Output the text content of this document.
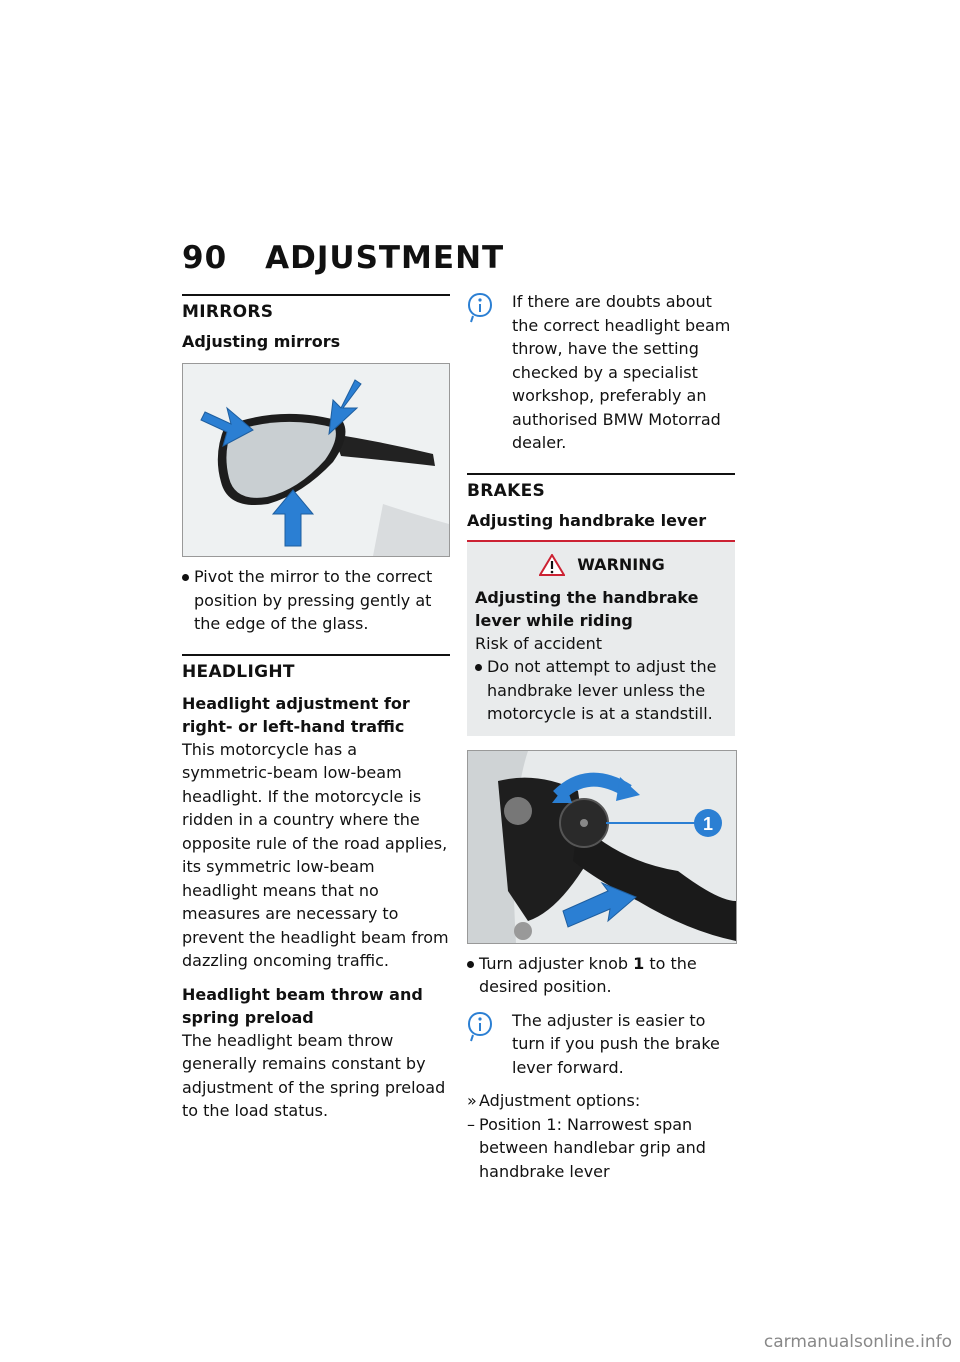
90 ADJUSTMENT
MIRRORS
Adjusting mirrors
Pivot the mirror to the correct position by pressing gently at the edge of the glass.
HEADLIGHT
Headlight adjustment for right- or left-hand traffic

This motorcycle has a symmetric-beam low-beam headlight. If the motorcycle is ridden in a country where the opposite rule of the road applies, its symmetric low-beam headlight means that no measures are necessary to prevent the headlight beam from dazzling oncoming traffic.

Headlight beam throw and spring preload

The headlight beam throw generally remains constant by adjustment of the spring preload to the load status.

If there are doubts about the correct headlight beam throw, have the setting checked by a specialist workshop, preferably an authorised BMW Motorrad dealer.

BRAKES
Adjusting handbrake lever
WARNING
Adjusting the handbrake lever while riding
Risk of accident
Do not attempt to adjust the handbrake lever unless the motorcycle is at a standstill.
1
Turn adjuster knob 1 to the desired position.

The adjuster is easier to turn if you push the brake lever forward.

» Adjustment options:
– Position 1: Narrowest span between handlebar grip and handbrake lever
carmanualsonline.info
